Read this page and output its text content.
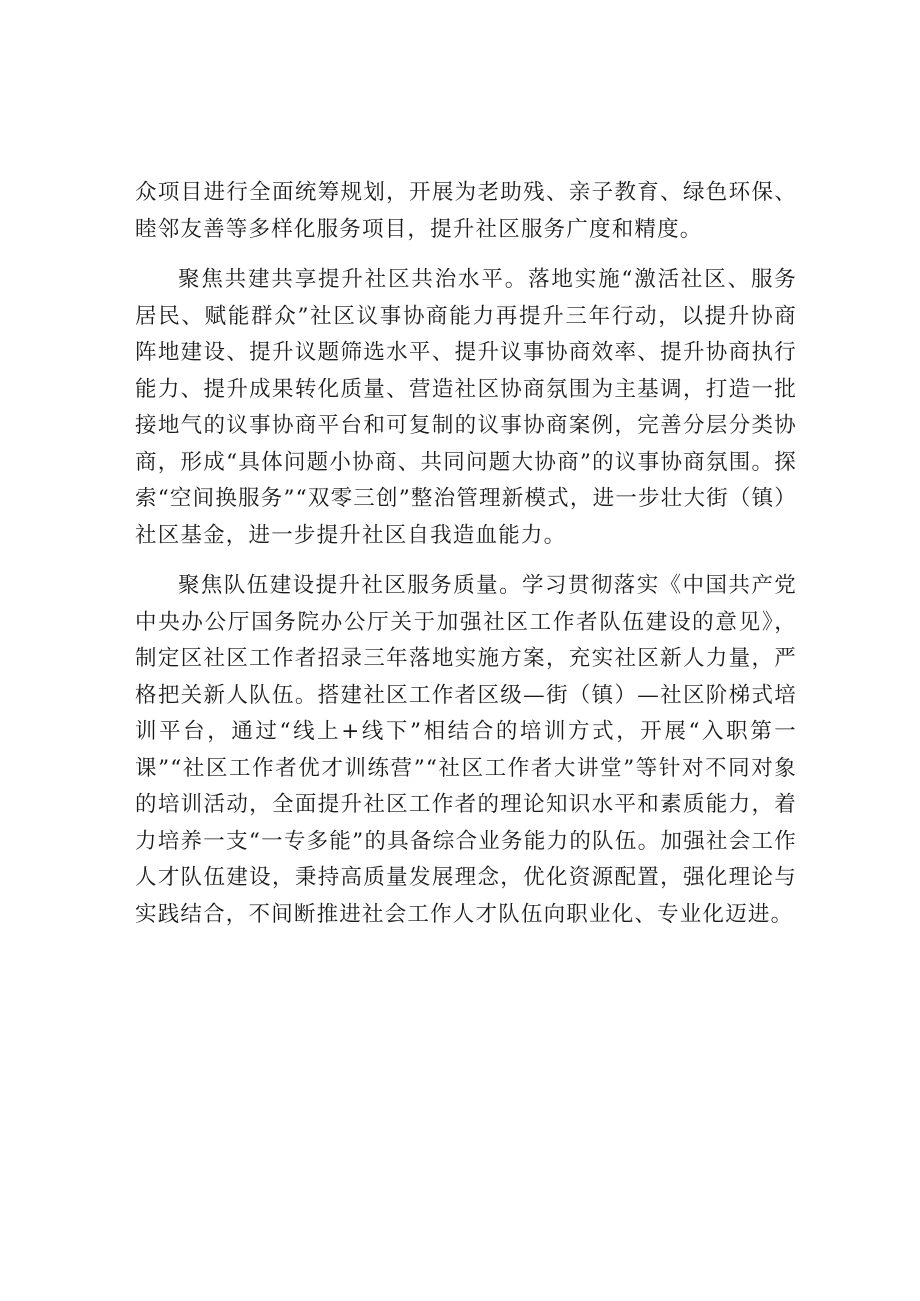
众项目进行全面统筹规划，开展为老助残、亲子教育、绿色环保、睦邻友善等多样化服务项目，提升社区服务广度和精度。

聚焦共建共享提升社区共治水平。落地实施“激活社区、服务居民、赋能群众”社区议事协商能力再提升三年行动，以提升协商阵地建设、提升议题筛选水平、提升议事协商效率、提升协商执行能力、提升成果转化质量、营造社区协商氛围为主基调，打造一批接地气的议事协商平台和可复制的议事协商案例，完善分层分类协商，形成“具体问题小协商、共同问题大协商”的议事协商氛围。探索“空间换服务”“双零三创”整治管理新模式，进一步壮大街（镇）社区基金，进一步提升社区自我造血能力。

聚焦队伍建设提升社区服务质量。学习贯彻落实《中国共产党中央办公厅国务院办公厅关于加强社区工作者队伍建设的意见》，制定区社区工作者招录三年落地实施方案，充实社区新人力量，严格把关新人队伍。搭建社区工作者区级—街（镇）—社区阶梯式培训平台，通过“线上+线下”相结合的培训方式，开展“入职第一课”“社区工作者优才训练营”“社区工作者大讲堂”等针对不同对象的培训活动，全面提升社区工作者的理论知识水平和素质能力，着力培养一支“一专多能”的具备综合业务能力的队伍。加强社会工作人才队伍建设，秉持高质量发展理念，优化资源配置，强化理论与实践结合，不间断推进社会工作人才队伍向职业化、专业化迈进。
